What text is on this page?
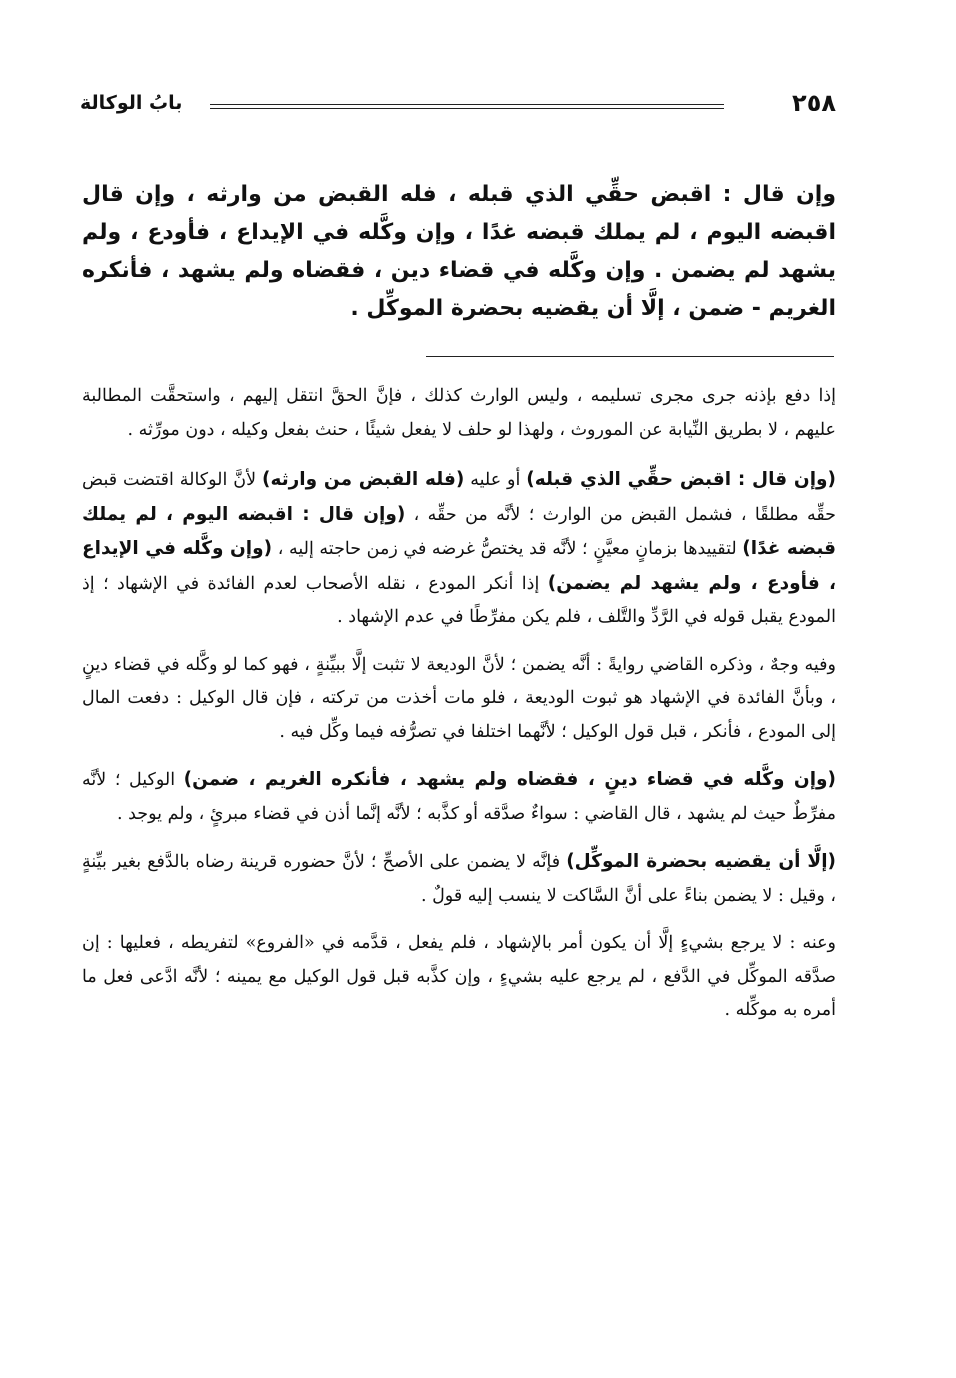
٢٥٨
بابُ الوكالة

وإن قال : اقبض حقِّي الذي قبله ، فله القبض من وارثه ، وإن قال اقبضه اليوم ، لم يملك قبضه غدًا ، وإن وكَّله في الإيداع ، فأودع ، ولم يشهد لم يضمن . وإن وكَّله في قضاء دين ، فقضاه ولم يشهد ، فأنكره الغريم - ضمن ، إلَّا أن يقضيه بحضرة الموكِّل .

إذا دفع بإذنه جرى مجرى تسليمه ، وليس الوارث كذلك ، فإنَّ الحقَّ انتقل إليهم ، واستحقَّت المطالبة عليهم ، لا بطريق النِّيابة عن الموروث ، ولهذا لو حلف لا يفعل شيئًا ، حنث بفعل وكيله ، دون مورِّثه .

(وإن قال : اقبض حقِّي الذي قبله) أو عليه (فله القبض من وارثه) لأنَّ الوكالة اقتضت قبض حقِّه مطلقًا ، فشمل القبض من الوارث ؛ لأنَّه من حقِّه ، (وإن قال : اقبضه اليوم ، لم يملك قبضه غدًا) لتقييدها بزمانٍ معيَّنٍ ؛ لأنَّه قد يختصُّ غرضه في زمن حاجته إليه ، (وإن وكَّله في الإيداع ، فأودع ، ولم يشهد لم يضمن) إذا أنكر المودع ، نقله الأصحاب لعدم الفائدة في الإشهاد ؛ إذ المودع يقبل قوله في الرَّدِّ والتَّلف ، فلم يكن مفرِّطًا في عدم الإشهاد .

وفيه وجهٌ ، وذكره القاضي روايةً : أنَّه يضمن ؛ لأنَّ الوديعة لا تثبت إلَّا ببيِّنةٍ ، فهو كما لو وكَّله في قضاء دينٍ ، وبأنَّ الفائدة في الإشهاد هو ثبوت الوديعة ، فلو مات أخذت من تركته ، فإن قال الوكيل : دفعت المال إلى المودع ، فأنكر ، قبل قول الوكيل ؛ لأنَّهما اختلفا في تصرُّفه فيما وكِّل فيه .

(وإن وكَّله في قضاء دينٍ ، فقضاه ولم يشهد ، فأنكره الغريم ، ضمن) الوكيل ؛ لأنَّه مفرِّطٌ حيث لم يشهد ، قال القاضي : سواءٌ صدَّقه أو كذَّبه ؛ لأنَّه إنَّما أذن في قضاء مبرئٍ ، ولم يوجد .

(إلَّا أن يقضيه بحضرة الموكِّل) فإنَّه لا يضمن على الأصحِّ ؛ لأنَّ حضوره قرينة رضاه بالدَّفع بغير بيِّنةٍ ، وقيل : لا يضمن بناءً على أنَّ السَّاكت لا ينسب إليه قولٌ .

وعنه : لا يرجع بشيءٍ إلَّا أن يكون أمر بالإشهاد ، فلم يفعل ، قدَّمه في «الفروع» لتفريطه ، فعليها : إن صدَّقه الموكِّل في الدَّفع ، لم يرجع عليه بشيءٍ ، وإن كذَّبه قبل قول الوكيل مع يمينه ؛ لأنَّه ادَّعى فعل ما أمره به موكِّله .
